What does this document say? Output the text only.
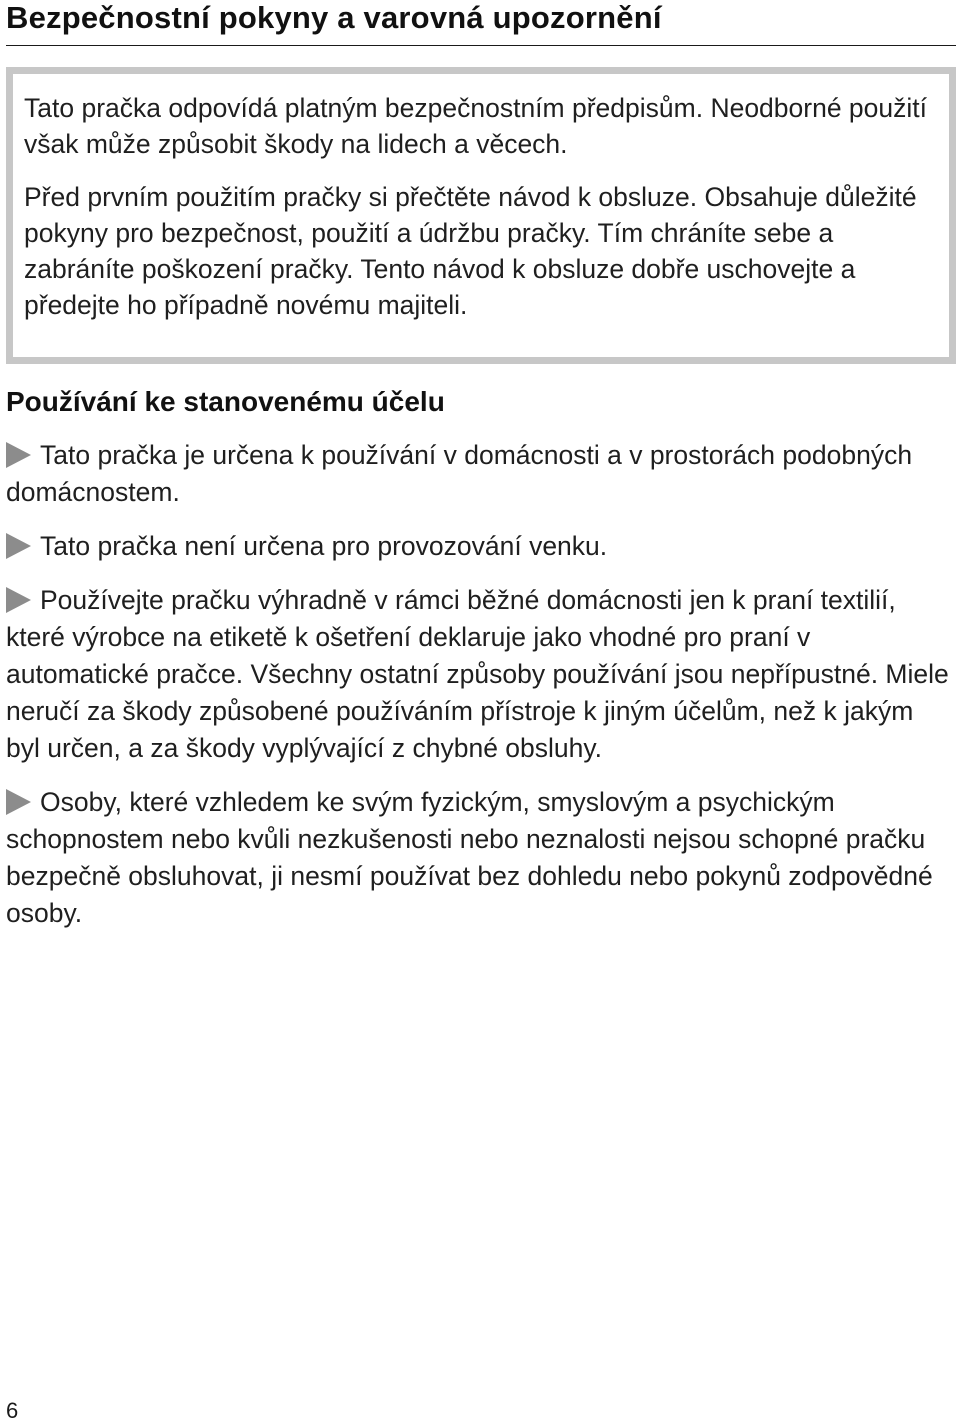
Bezpečnostní pokyny a varovná upozornění

Tato pračka odpovídá platným bezpečnostním předpisům. Neodborné použití však může způsobit škody na lidech a věcech.

Před prvním použitím pračky si přečtěte návod k obsluze. Obsahuje důležité pokyny pro bezpečnost, použití a údržbu pračky. Tím chráníte sebe a zabráníte poškození pračky. Tento návod k obsluze dobře uschovejte a předejte ho případně novému majiteli.

Používání ke stanovenému účelu
Tato pračka je určena k používání v domácnosti a v prostorách podobných domácnostem.
Tato pračka není určena pro provozování venku.
Používejte pračku výhradně v rámci běžné domácnosti jen k praní textilií, které výrobce na etiketě k ošetření deklaruje jako vhodné pro praní v automatické pračce. Všechny ostatní způsoby používání jsou nepřípustné. Miele neručí za škody způsobené používáním přístroje k jiným účelům, než k jakým byl určen, a za škody vyplývající z chybné obsluhy.
Osoby, které vzhledem ke svým fyzickým, smyslovým a psychickým schopnostem nebo kvůli nezkušenosti nebo neznalosti nejsou schopné pračku bezpečně obsluhovat, ji nesmí používat bez dohledu nebo pokynů zodpovědné osoby.
6
